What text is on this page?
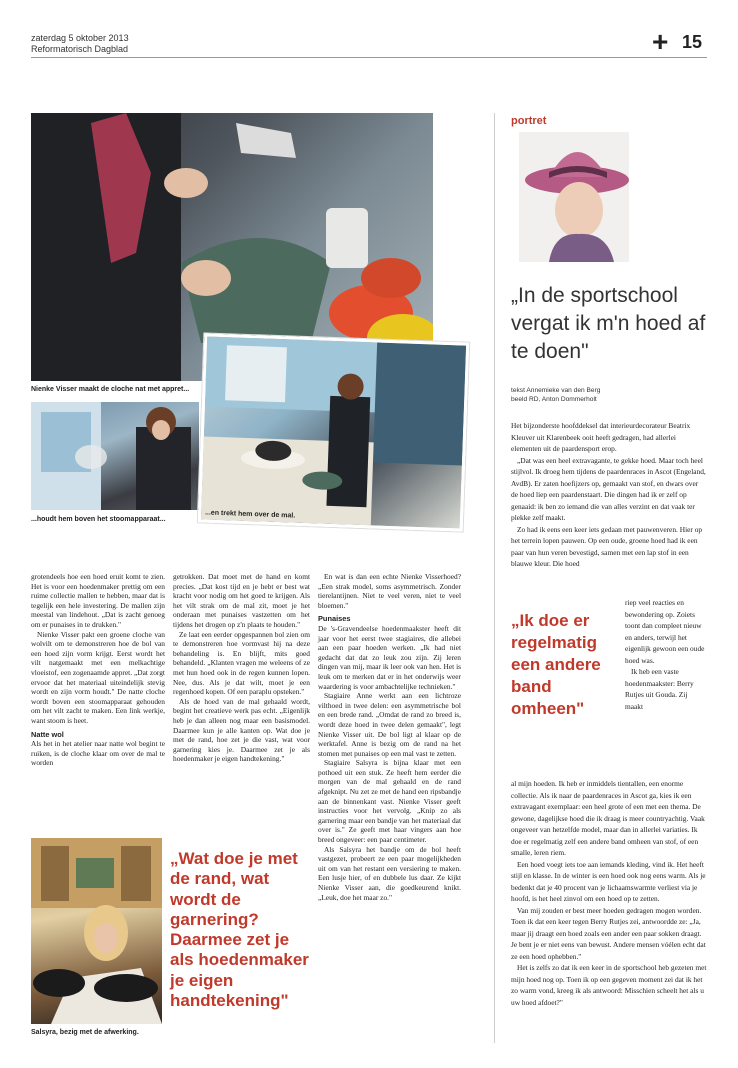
zaterdag 5 oktober 2013
Reformatorisch Dagblad	+ 15
Nienke Visser maakt de cloche nat met appret...
...houdt hem boven het stoomapparaat...	...en trekt hem over de mal.

grotendeels hoe een hoed eruit komt te zien. Het is voor een hoedenmaker prettig om een ruime collectie mallen te hebben, maar dat is tegelijk een hele investering. De mallen zijn meestal van lindehout. „Dat is zacht genoeg om er punaises in te drukken."

Nienke Visser pakt een groene cloche van wolvilt om te demonstreren hoe de bol van een hoed zijn vorm krijgt. Eerst wordt het vilt natgemaakt met een melkachtige vloeistof, een zogenaamde appret. „Dat zorgt ervoor dat het materiaal uiteindelijk stevig wordt en zijn vorm houdt." De natte cloche wordt boven een stoomapparaat gehouden om het vilt zacht te maken. Een link werkje, want stoom is heet.

Natte wol

Als het in het atelier naar natte wol begint te ruiken, is de cloche klaar om over de mal te worden

Salsyra, bezig met de afwerking.

getrokken. Dat moet met de hand en komt precies. „Dat kost tijd en je hebt er best wat kracht voor nodig om het goed te krijgen. Als het vilt strak om de mal zit, moet je het onderaan met punaises vastzetten om het tijdens het drogen op z'n plaats te houden."

Ze laat een eerder opgespannen bol zien om te demonstreren hoe vormvast hij na deze behandeling is. En blijft, mits goed behandeld. „Klanten vragen me weleens of ze met hun hoed ook in de regen kunnen lopen. Nee, dus. Als je dat wilt, moet je een regenhoed kopen. Of een paraplu opsteken."

Als de hoed van de mal gehaald wordt, begint het creatieve werk pas echt. „Eigenlijk heb je dan alleen nog maar een basismodel. Daarmee kun je alle kanten op. Wat doe je met de rand, hoe zet je die vast, wat voor garnering kies je. Daarmee zet je als hoedenmaker je eigen handtekening."

„Wat doe je met de rand, wat wordt de garnering? Daarmee zet je als hoedenmaker je eigen handtekening"

En wat is dan een echte Nienke Visserhoed? „Een strak model, soms asymmetrisch. Zonder tierelantijnen. Niet te veel veren, niet te veel bloemen."

Punaises

De 's-Gravendeelse hoedenmaakster heeft dit jaar voor het eerst twee stagiaires, die allebei aan een paar hoeden werken. „Ik had niet gedacht dat dat zo leuk zou zijn. Zij leren dingen van mij, maar ik leer ook van hen. Het is leuk om te merken dat er in het onderwijs weer waardering is voor ambachtelijke technieken."

Stagiaire Anne werkt aan een lichtroze vilthoed in twee delen: een asymmetrische bol en een brede rand. „Omdat de rand zo breed is, wordt deze hoed in twee delen gemaakt", legt Nienke Visser uit. De bol ligt al klaar op de werktafel. Anne is bezig om de rand na het stomen met punaises op een mal vast te zetten.

Stagiaire Salsyra is bijna klaar met een pothoed uit een stuk. Ze heeft hem eerder die morgen van de mal gehaald en de rand afgeknipt. Nu zet ze met de hand een ripsbandje aan de binnenkant vast. Nienke Visser geeft instructies voor het vervolg. „Knip zo als garnering maar een bandje van het materiaal dat over is." Ze geeft met haar vingers aan hoe breed ongeveer: een paar centimeter.

Als Salsyra het bandje om de bol heeft vastgezet, probeert ze een paar mogelijkheden uit om van het restant een versiering te maken. Een lusje hier, of en dubbele lus daar. Ze kijkt Nienke Visser aan, die goedkeurend knikt. „Leuk, doe het maar zo."

portret
„In de sportschool vergat ik m'n hoed af te doen"
tekst Annemieke van den Berg
beeld RD, Anton Dommerholt

Het bijzonderste hoofddeksel dat interieurdecorateur Beatrix Kleuver uit Klarenbeek ooit heeft gedragen, had allerlei elementen uit de paardensport erop.

„Dat was een heel extravagante, te gekke hoed. Maar toch heel stijlvol. Ik droeg hem tijdens de paardenraces in Ascot (Engeland, AvdB). Er zaten hoefijzers op, gemaakt van stof, en dwars over de hoed liep een paardenstaart. Die dingen had ik er zelf op genaaid: ik ben zo iemand die van alles verzint en dat vaak ter plekke zelf maakt.

Zo had ik eens een keer iets gedaan met pauwenveren. Hier op het terrein lopen pauwen. Op een oude, groene hoed had ik een paar van hun veren bevestigd, samen met een lap stof in een blauwe kleur. Die hoed

„Ik doe er regelmatig een andere band omheen"

riep veel reacties en bewondering op. Zoiets toont dan compleet nieuw en anders, terwijl het eigenlijk gewoon een oude hoed was.

Ik heb een vaste hoedenmaakster: Berry Rutjes uit Gouda. Zij maakt

al mijn hoeden. Ik heb er inmiddels tientallen, een enorme collectie. Als ik naar de paardenraces in Ascot ga, kies ik een extravagant exemplaar: een heel grote of een met een thema. De gewone, dagelijkse hoed die ik draag is meer countryachtig. Vaak ongeveer van hetzelfde model, maar dan in allerlei variaties. Ik doe er regelmatig zelf een andere band omheen van stof, of een smalle, leren riem.

Een hoed voegt iets toe aan iemands kleding, vind ik. Het heeft stijl en klasse. In de winter is een hoed ook nog eens warm. Als je bedenkt dat je 40 procent van je lichaamswarmte verliest via je hoofd, is het heel zinvol om een hoed op te zetten.

Van mij zouden er best meer hoeden gedragen mogen worden. Toen ik dat een keer tegen Berry Rutjes zei, antwoordde ze: „Ja, maar jij draagt een hoed zoals een ander een paar sokken draagt. Je bent je er niet eens van bewust. Andere mensen vóélen echt dat ze een hoed ophebben."

Het is zelfs zo dat ik een keer in de sportschool heb gezeten met mijn hoed nog op. Toen ik op een gegeven moment zei dat ik het zo warm vond, kreeg ik als antwoord: Misschien scheelt het als u uw hoed afdoet?"
